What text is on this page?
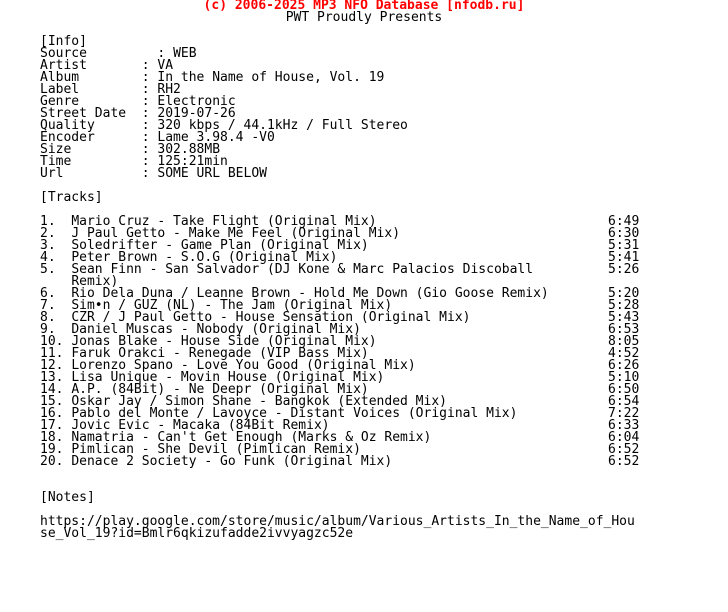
(c) 2006-2025 MP3 NFO Database [nfodb.ru]
PWT Proudly Presents
[Info]
Source         : WEB
Artist       : VA
Album        : In the Name of House, Vol. 19
Label        : RH2
Genre        : Electronic
Street Date  : 2019-07-26
Quality      : 320 kbps / 44.1kHz / Full Stereo
Encoder      : Lame 3.98.4 -V0
Size         : 302.88MB
Time         : 125:21min
Url          : SOME URL BELOW
[Tracks]
1.  Mario Cruz - Take Flight (Original Mix)	6:49
2.  J Paul Getto - Make Me Feel (Original Mix)	6:30
3.  Soledrifter - Game Plan (Original Mix)	5:31
4.  Peter Brown - S.O.G (Original Mix)	5:41
5.  Sean Finn - San Salvador (DJ Kone & Marc Palacios Discoball	5:26
Remix)
6.  Rio Dela Duna / Leanne Brown - Hold Me Down (Gio Goose Remix)	5:20
7.  Sim•n / GUZ (NL) - The Jam (Original Mix)	5:28
8.  CZR / J Paul Getto - House Sensation (Original Mix)	5:43
9.  Daniel Muscas - Nobody (Original Mix)	6:53
10. Jonas Blake - House Side (Original Mix)	8:05
11. Faruk Orakci - Renegade (VIP Bass Mix)	4:52
12. Lorenzo Spano - Love You Good (Original Mix)	6:26
13. Lisa Unique - Movin House (Original Mix)	5:10
14. A.P. (84Bit) - Ne Deepr (Original Mix)	6:50
15. Oskar Jay / Simon Shane - Bangkok (Extended Mix)	6:54
16. Pablo del Monte / Lavoyce - Distant Voices (Original Mix)	7:22
17. Jovic Evic - Macaka (84Bit Remix)	6:33
18. Namatria - Can't Get Enough (Marks & Oz Remix)	6:04
19. Pimlican - She Devil (Pimlican Remix)	6:52
20. Denace 2 Society - Go Funk (Original Mix)	6:52
[Notes]
https://play.google.com/store/music/album/Various_Artists_In_the_Name_of_Hou
se_Vol_19?id=Bmlr6qkizufadde2ivvyagzc52e
